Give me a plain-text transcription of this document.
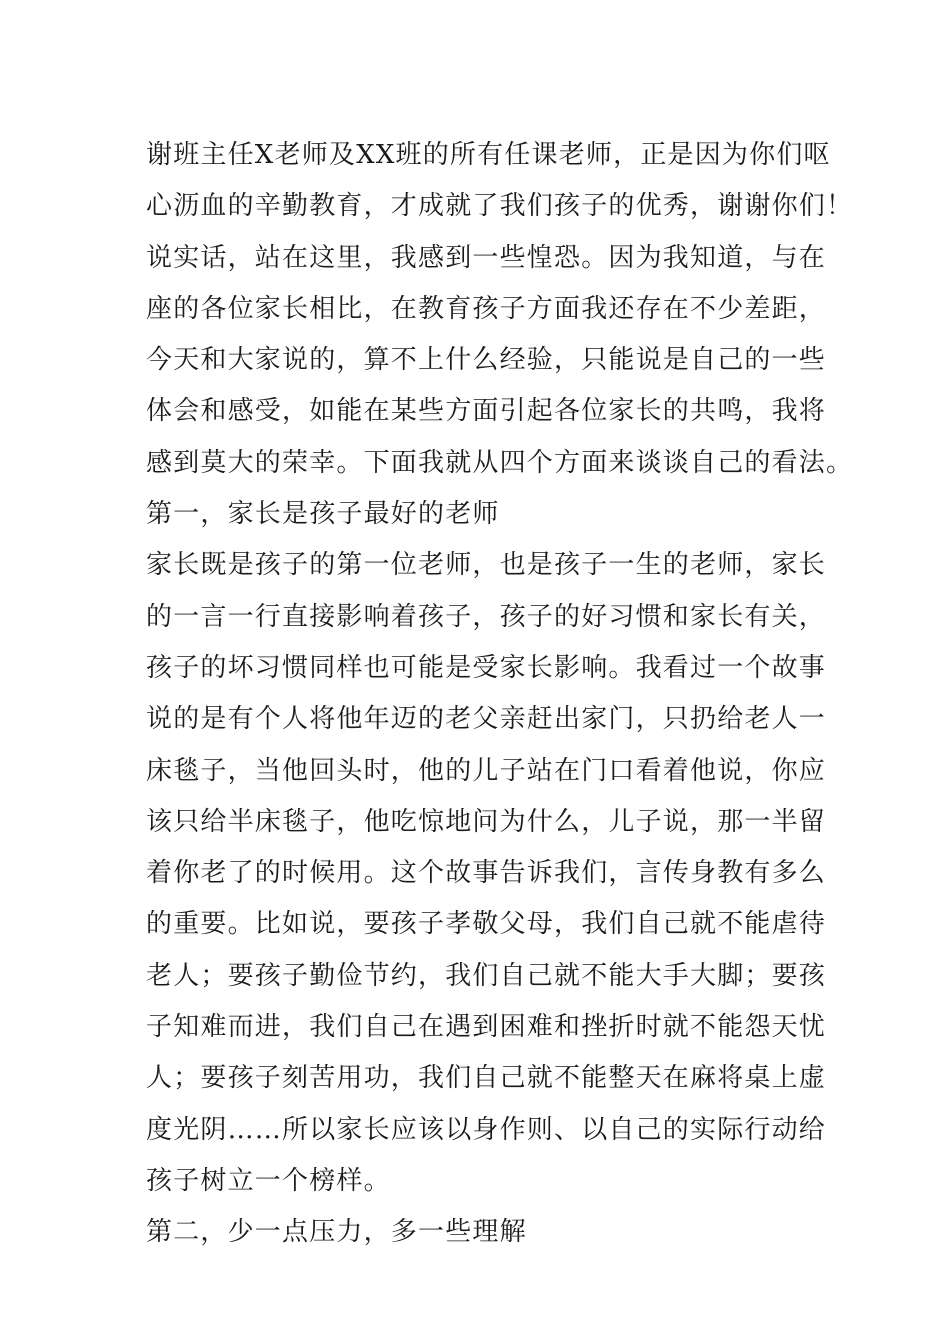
谢班主任X老师及XX班的所有任课老师，正是因为你们呕
心沥血的辛勤教育，才成就了我们孩子的优秀，谢谢你们！
说实话，站在这里，我感到一些惶恐。因为我知道，与在
座的各位家长相比，在教育孩子方面我还存在不少差距，
今天和大家说的，算不上什么经验，只能说是自己的一些
体会和感受，如能在某些方面引起各位家长的共鸣，我将
感到莫大的荣幸。下面我就从四个方面来谈谈自己的看法。
第一，家长是孩子最好的老师
家长既是孩子的第一位老师，也是孩子一生的老师，家长
的一言一行直接影响着孩子，孩子的好习惯和家长有关，
孩子的坏习惯同样也可能是受家长影响。我看过一个故事
说的是有个人将他年迈的老父亲赶出家门，只扔给老人一
床毯子，当他回头时，他的儿子站在门口看着他说，你应
该只给半床毯子，他吃惊地问为什么，儿子说，那一半留
着你老了的时候用。这个故事告诉我们，言传身教有多么
的重要。比如说，要孩子孝敬父母，我们自己就不能虐待
老人；要孩子勤俭节约，我们自己就不能大手大脚；要孩
子知难而进，我们自己在遇到困难和挫折时就不能怨天忧
人；要孩子刻苦用功，我们自己就不能整天在麻将桌上虚
度光阴……所以家长应该以身作则、以自己的实际行动给
孩子树立一个榜样。
第二，少一点压力，多一些理解
